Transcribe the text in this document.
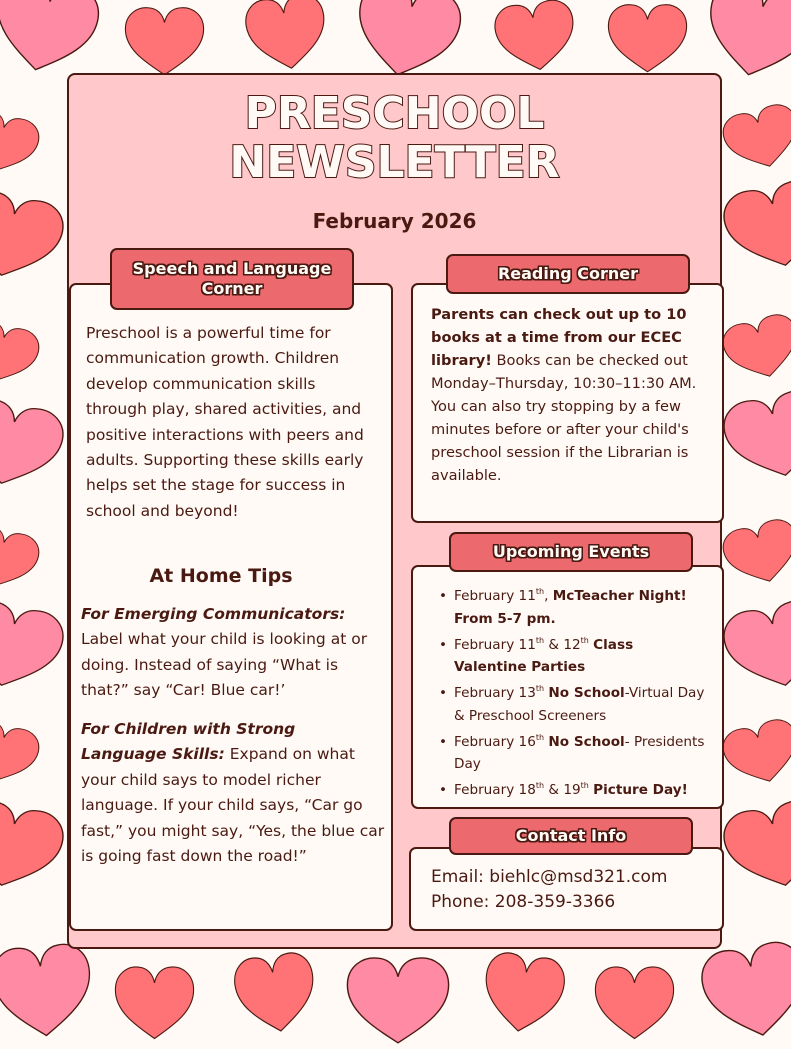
PRESCHOOL
NEWSLETTER
February 2026
Preschool is a powerful time for communication growth. Children develop communication skills through play, shared activities, and positive interactions with peers and adults. Supporting these skills early helps set the stage for success in school and beyond!
At Home Tips
For Emerging Communicators: Label what your child is looking at or doing. Instead of saying “What is that?” say “Car! Blue car!’
For Children with Strong Language Skills: Expand on what your child says to model richer language. If your child says, “Car go fast,” you might say, “Yes, the blue car is going fast down the road!”
Speech and Language
Corner
Parents can check out up to 10 books at a time from our ECEC library! Books can be checked out Monday–Thursday, 10:30–11:30 AM. You can also try stopping by a few minutes before or after your child's preschool session if the Librarian is available.
Reading Corner
• February 11th, McTeacher Night! From 5-7 pm.
• February 11th & 12th Class Valentine Parties
• February 13th No School-Virtual Day & Preschool Screeners
• February 16th No School- Presidents Day
• February 18th & 19th Picture Day!
Upcoming Events
Email: biehlc@msd321.com
Phone: 208-359-3366
Contact Info
